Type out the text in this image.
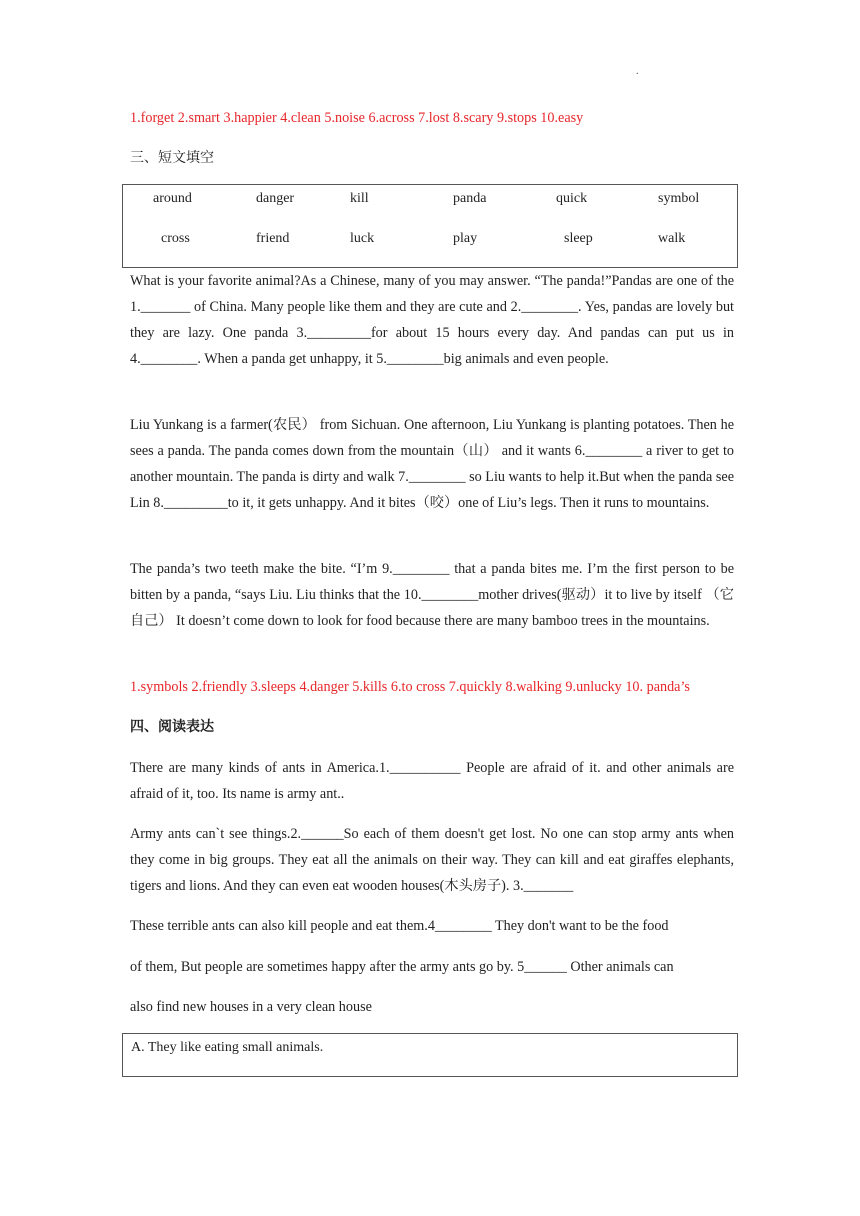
.
1.forget 2.smart 3.happier 4.clean 5.noise 6.across 7.lost 8.scary 9.stops 10.easy
三、短文填空
around	danger	kill	panda	quick	symbol
cross	friend	luck	play	sleep	walk
What is your favorite animal?As a Chinese, many of you may answer. “The panda!”Pandas are one of the 1._______ of China. Many people like them and they are cute and 2.________. Yes, pandas are lovely but they are lazy. One panda 3._________for about 15 hours every day. And pandas can put us in 4.________. When a panda get unhappy, it 5.________big animals and even people.
Liu Yunkang is a farmer(农民） from Sichuan. One afternoon, Liu Yunkang is planting potatoes. Then he sees a panda. The panda comes down from the mountain（山） and it wants 6.________ a river to get to another mountain. The panda is dirty and walk 7.________ so Liu wants to help it.But when the panda see Lin 8._________to it, it gets unhappy. And it bites（咬）one of Liu’s legs. Then it runs to mountains.
The panda’s two teeth make the bite. “I’m 9.________ that a panda bites me. I’m the first person to be bitten by a panda, “says Liu. Liu thinks that the 10.________mother drives(驱动）it to live by itself （它自己） It doesn’t come down to look for food because there are many bamboo trees in the mountains.
1.symbols 2.friendly 3.sleeps 4.danger 5.kills 6.to cross 7.quickly 8.walking 9.unlucky 10. panda’s
四、阅读表达
There are many kinds of ants in America.1.__________ People are afraid of it. and other animals are afraid of it, too. Its name is army ant..
Army ants can`t see things.2.______So each of them doesn't get lost. No one can stop army ants when they come in big groups. They eat all the animals on their way. They can kill and eat giraffes elephants, tigers and lions. And they can even eat wooden houses(木头房子). 3._______
These terrible ants can also kill people and eat them.4________ They don't want to be the food
of them, But people are sometimes happy after the army ants go by. 5______ Other animals can
also find new houses in a very clean house
A. They like eating small animals.
